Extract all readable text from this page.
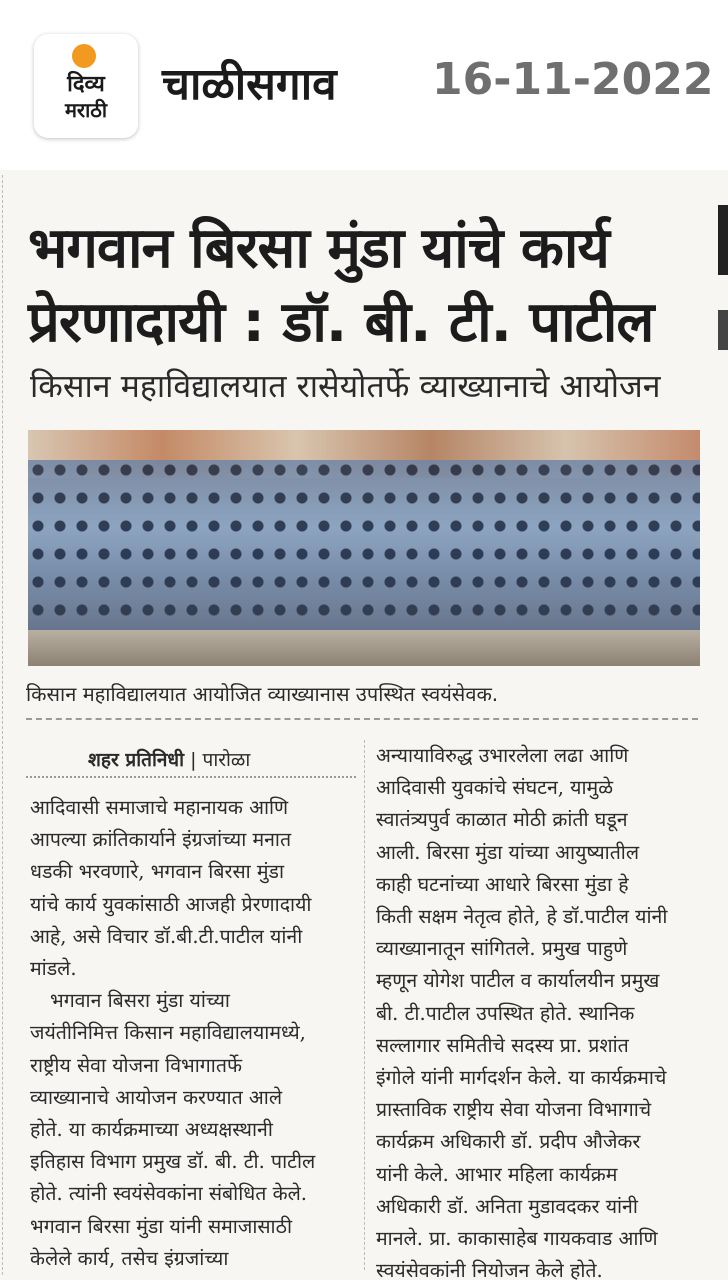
दिव्य
मराठी	चाळीसगाव 16-11-2022
भगवान बिरसा मुंडा यांचे कार्य
प्रेरणादायी : डॉ. बी. टी. पाटील
किसान महाविद्यालयात रासेयोतर्फे व्याख्यानाचे आयोजन
किसान महाविद्यालयात आयोजित व्याख्यानास उपस्थित स्वयंसेवक.
शहर प्रतिनिधी | पारोळा

आदिवासी समाजाचे महानायक आणि

आपल्या क्रांतिकार्याने इंग्रजांच्या मनात

धडकी भरवणारे, भगवान बिरसा मुंडा

यांचे कार्य युवकांसाठी आजही प्रेरणादायी

आहे, असे विचार डॉ.बी.टी.पाटील यांनी

मांडले.

भगवान बिसरा मुंडा यांच्या

जयंतीनिमित्त किसान महाविद्यालयामध्ये,

राष्ट्रीय सेवा योजना विभागातर्फे

व्याख्यानाचे आयोजन करण्यात आले

होते. या कार्यक्रमाच्या अध्यक्षस्थानी

इतिहास विभाग प्रमुख डॉ. बी. टी. पाटील

होते. त्यांनी स्वयंसेवकांना संबोधित केले.

भगवान बिरसा मुंडा यांनी समाजासाठी

केलेले कार्य, तसेच इंग्रजांच्या

अन्यायाविरुद्ध उभारलेला लढा आणि

आदिवासी युवकांचे संघटन, यामुळे

स्वातंत्र्यपुर्व काळात मोठी क्रांती घडून

आली. बिरसा मुंडा यांच्या आयुष्यातील

काही घटनांच्या आधारे बिरसा मुंडा हे

किती सक्षम नेतृत्व होते, हे डॉ.पाटील यांनी

व्याख्यानातून सांगितले. प्रमुख पाहुणे

म्हणून योगेश पाटील व कार्यालयीन प्रमुख

बी. टी.पाटील उपस्थित होते. स्थानिक

सल्लागार समितीचे सदस्य प्रा. प्रशांत

इंगोले यांनी मार्गदर्शन केले. या कार्यक्रमाचे

प्रास्ताविक राष्ट्रीय सेवा योजना विभागाचे

कार्यक्रम अधिकारी डॉ. प्रदीप औजेकर

यांनी केले. आभार महिला कार्यक्रम

अधिकारी डॉ. अनिता मुडावदकर यांनी

मानले. प्रा. काकासाहेब गायकवाड आणि

स्वयंसेवकांनी नियोजन केले होते.
